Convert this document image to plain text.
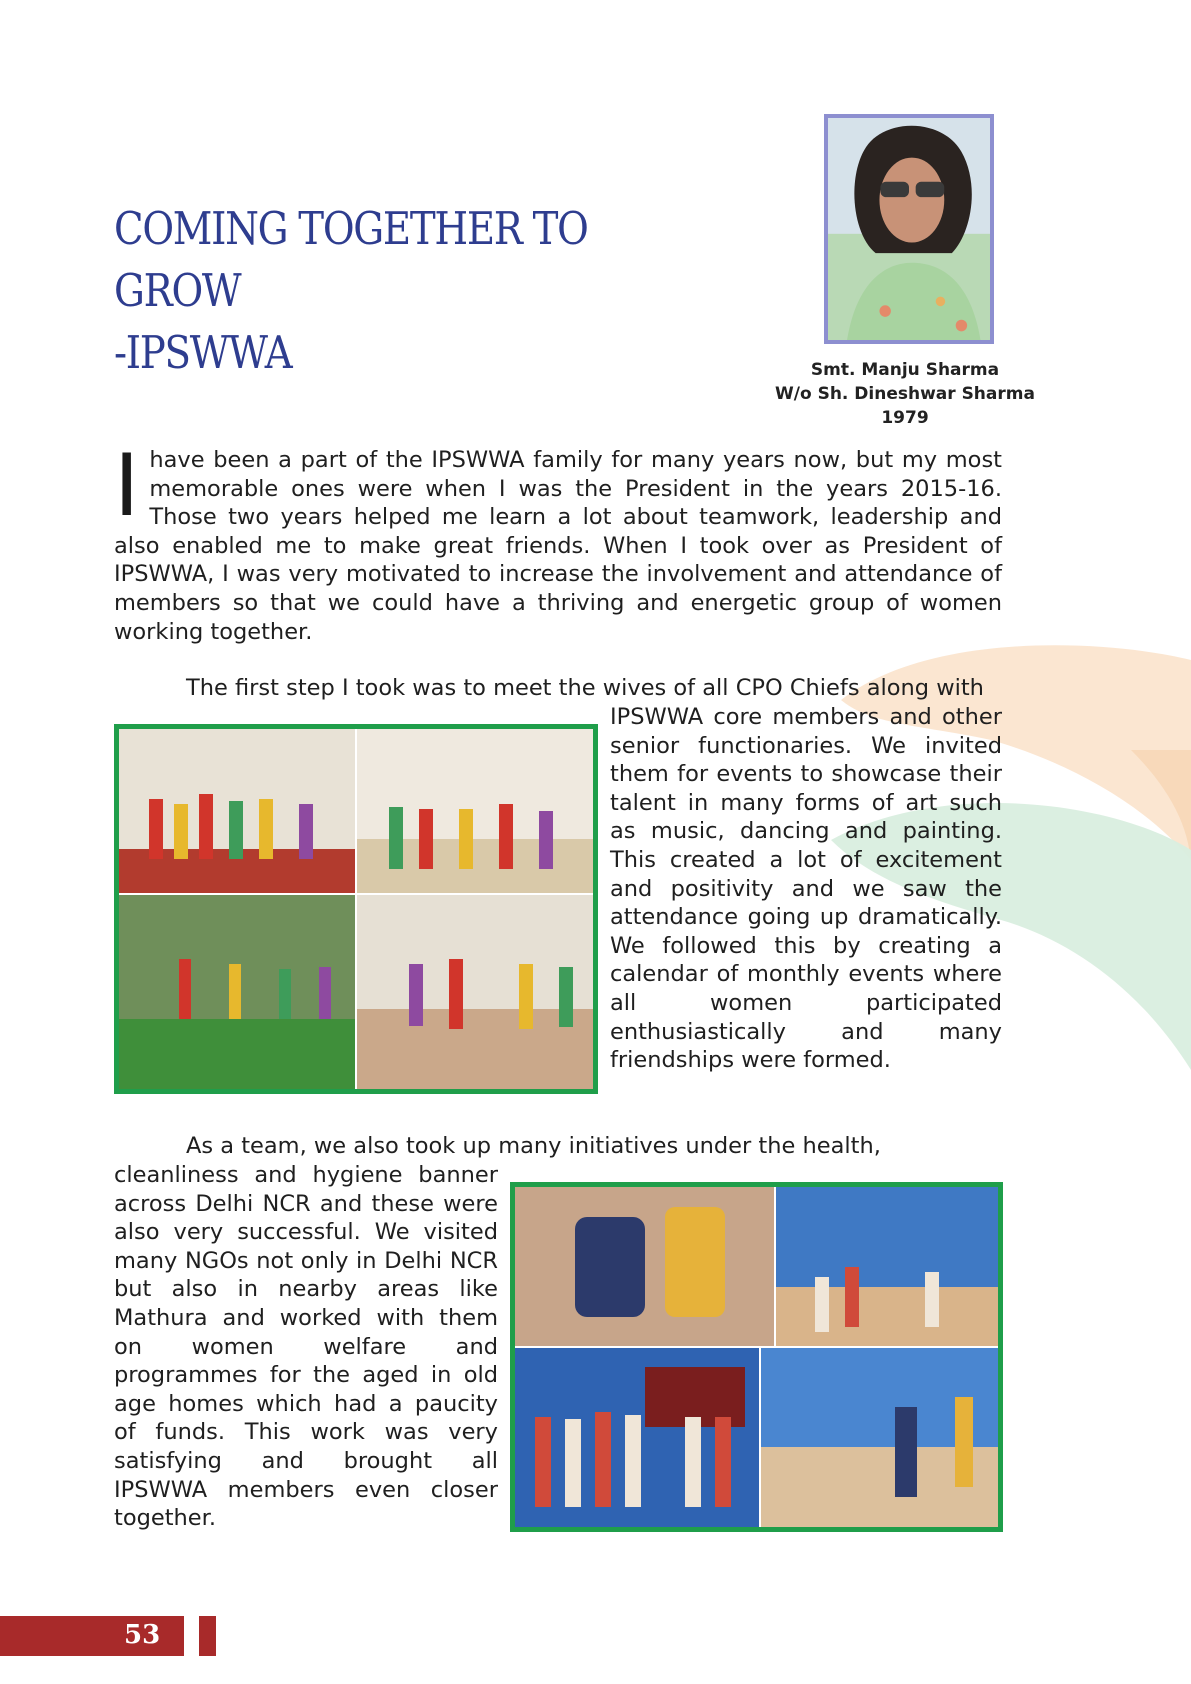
COMING TOGETHER TO GROW
-IPSWWA	Smt. Manju Sharma
W/o Sh. Dineshwar Sharma
1979

Ihave been a part of the IPSWWA family for many years now, but my most memorable ones were when I was the President in the years 2015-16. Those two years helped me learn a lot about teamwork, leadership and also enabled me to make great friends. When I took over as President of IPSWWA, I was very motivated to increase the involvement and attendance of members so that we could have a thriving and energetic group of women working together.

The first step I took was to meet the wives of all CPO Chiefs along with

IPSWWA core members and other senior functionaries. We invited them for events to showcase their talent in many forms of art such as music, dancing and painting. This created a lot of excitement and positivity and we saw the attendance going up dramatically. We followed this by creating a calendar of monthly events where all women participated enthusiastically and many friendships were formed.

As a team, we also took up many initiatives under the health,

cleanliness and hygiene banner across Delhi NCR and these were also very successful. We visited many NGOs not only in Delhi NCR but also in nearby areas like Mathura and worked with them on women welfare and programmes for the aged in old age homes which had a paucity of funds. This work was very satisfying and brought all IPSWWA members even closer together.

53
